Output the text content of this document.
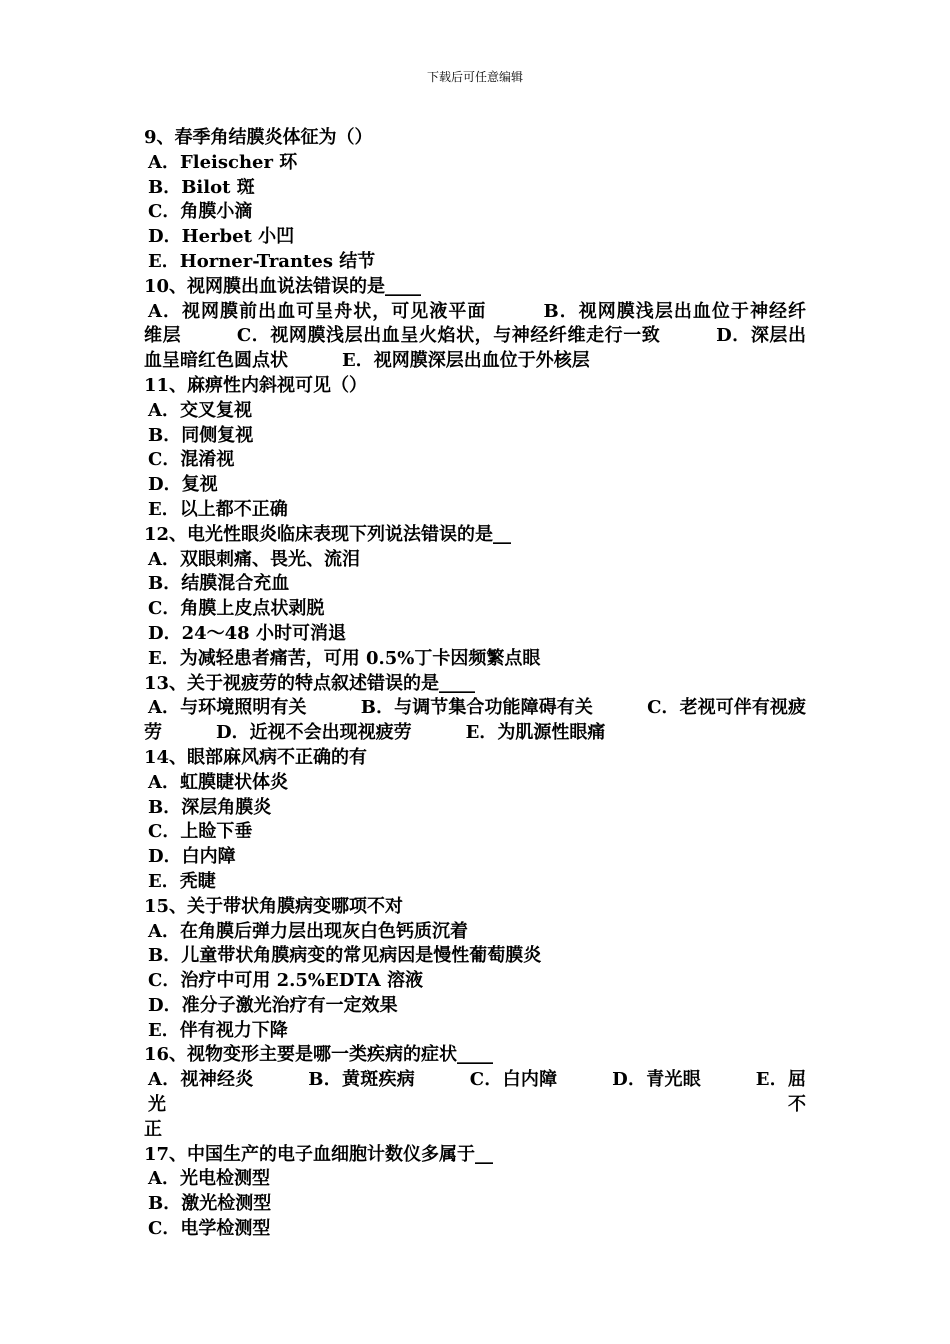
下载后可任意编辑
9、春季角结膜炎体征为（）
A．Fleischer 环
B．Bilot 斑
C．角膜小滴
D．Herbet 小凹
E．Horner-Trantes 结节
10、视网膜出血说法错误的是____
A．视网膜前出血可呈舟状，可见液平面　　　B．视网膜浅层出血位于神经纤
维层　　　C．视网膜浅层出血呈火焰状，与神经纤维走行一致　　　D．深层出
血呈暗红色圆点状　　　E．视网膜深层出血位于外核层
11、麻痹性内斜视可见（）
A．交叉复视
B．同侧复视
C．混淆视
D．复视
E．以上都不正确
12、电光性眼炎临床表现下列说法错误的是__
A．双眼刺痛、畏光、流泪
B．结膜混合充血
C．角膜上皮点状剥脱
D．24～48 小时可消退
E．为减轻患者痛苦，可用 0.5%丁卡因频繁点眼
13、关于视疲劳的特点叙述错误的是____
A．与环境照明有关　　　B．与调节集合功能障碍有关　　　C．老视可伴有视疲
劳　　　D．近视不会出现视疲劳　　　E．为肌源性眼痛
14、眼部麻风病不正确的有
A．虹膜睫状体炎
B．深层角膜炎
C．上睑下垂
D．白内障
E．秃睫
15、关于带状角膜病变哪项不对
A．在角膜后弹力层出现灰白色钙质沉着
B．儿童带状角膜病变的常见病因是慢性葡萄膜炎
C．治疗中可用 2.5%EDTA 溶液
D．准分子激光治疗有一定效果
E．伴有视力下降
16、视物变形主要是哪一类疾病的症状____
A．视神经炎　　　B．黄斑疾病　　　C．白内障　　　D．青光眼　　　E．屈光不
正
17、中国生产的电子血细胞计数仪多属于__
A．光电检测型
B．激光检测型
C．电学检测型
